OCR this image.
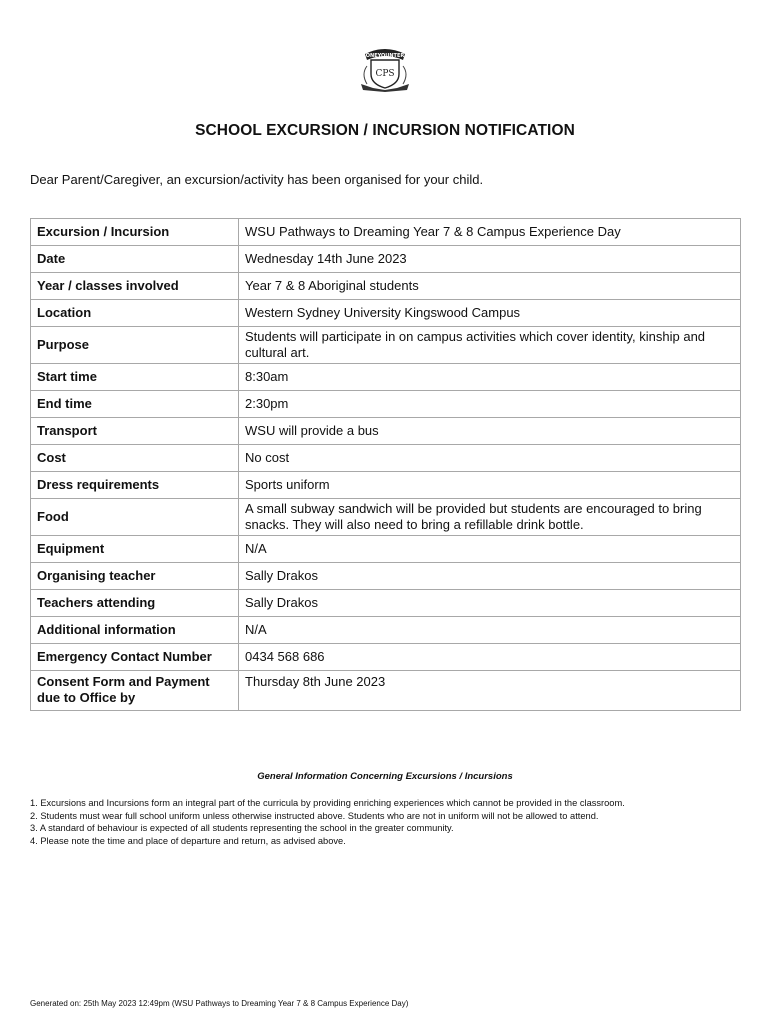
ONEYOUNTER
CPS
SCHOOL EXCURSION / INCURSION NOTIFICATION
Dear Parent/Caregiver, an excursion/activity has been organised for your child.
Excursion / Incursion	WSU Pathways to Dreaming Year 7 & 8 Campus Experience Day
Date	Wednesday 14th June 2023
Year / classes involved	Year 7 & 8 Aboriginal students
Location	Western Sydney University Kingswood Campus
Purpose	Students will participate in on campus activities which cover identity, kinship and cultural art.
Start time	8:30am
End time	2:30pm
Transport	WSU will provide a bus
Cost	No cost
Dress requirements	Sports uniform
Food	A small subway sandwich will be provided but students are encouraged to bring snacks. They will also need to bring a refillable drink bottle.
Equipment	N/A
Organising teacher	Sally Drakos
Teachers attending	Sally Drakos
Additional information	N/A
Emergency Contact Number	0434 568 686
Consent Form and Payment due to Office by	Thursday 8th June 2023
General Information Concerning Excursions / Incursions
1. Excursions and Incursions form an integral part of the curricula by providing enriching experiences which cannot be provided in the classroom.
2. Students must wear full school uniform unless otherwise instructed above. Students who are not in uniform will not be allowed to attend.
3. A standard of behaviour is expected of all students representing the school in the greater community.
4. Please note the time and place of departure and return, as advised above.
Generated on: 25th May 2023 12:49pm (WSU Pathways to Dreaming Year 7 & 8 Campus Experience Day)
